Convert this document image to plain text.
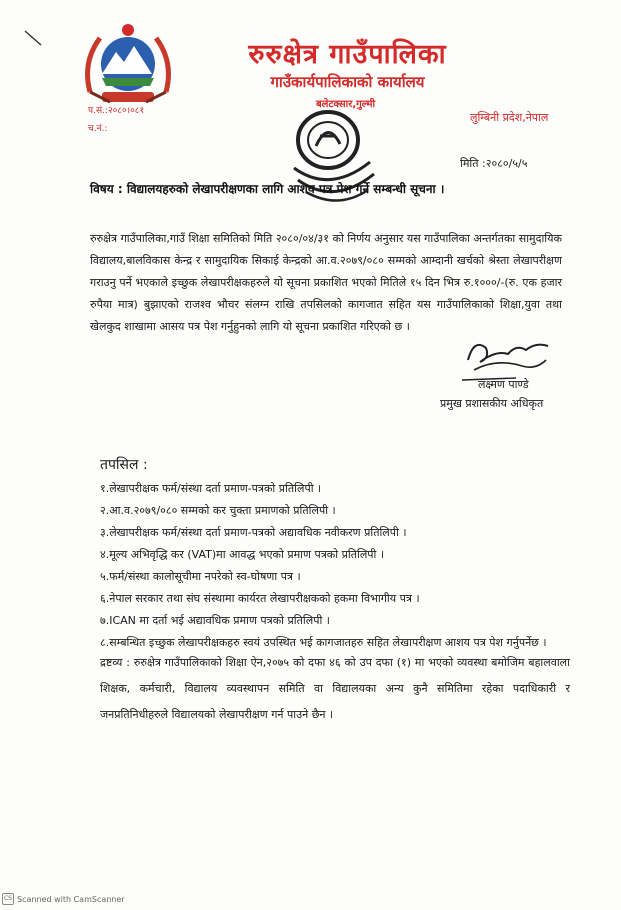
रुरुक्षेत्र गाउँपालिका
गाउँकार्यपालिकाको कार्यालय
बलेटक्सार,गुल्मी
प.सं.:२०८०।०८१
च.नं.:
लुम्बिनी प्रदेश,नेपाल
मिति :२०८०/५/५
विषय : विद्यालयहरुको लेखापरीक्षणका लागि आशय पत्र पेश गर्ने सम्बन्धी सूचना ।
रुरुक्षेत्र गाउँपालिका,गाउँ शिक्षा समितिको मिति २०८०/०४/३१ को निर्णय अनुसार यस गाउँपालिका अन्तर्गतका सामुदायिक विद्यालय,बालविकास केन्द्र र सामुदायिक सिकाई केन्द्रको आ.व.२०७९/०८० सम्मको आम्दानी खर्चको श्रेस्ता लेखापरीक्षण गराउनु पर्ने भएकाले इच्छुक लेखापरीक्षकहरुले यो सूचना प्रकाशित भएको मितिले १५ दिन भित्र रु.१०००/-(रु. एक हजार रुपैया मात्र) बुझाएको राजश्व भौचर संलग्न राखि तपसिलको कागजात सहित यस गाउँपालिकाको शिक्षा,युवा तथा खेलकुद शाखामा आसय पत्र पेश गर्नुहुनको लागि यो सूचना प्रकाशित गरिएको छ ।
लक्ष्मण पाण्डे
प्रमुख प्रशासकीय अधिकृत
तपसिल :
१.लेखापरीक्षक फर्म/संस्था दर्ता प्रमाण-पत्रको प्रतिलिपी ।
२.आ.व.२०७९/०८० सम्मको कर चुक्ता प्रमाणको प्रतिलिपी ।
३.लेखापरीक्षक फर्म/संस्था दर्ता प्रमाण-पत्रको अद्यावधिक नवीकरण प्रतिलिपी ।
४.मूल्य अभिवृद्धि कर (VAT)मा आवद्ध भएको प्रमाण पत्रको प्रतिलिपी ।
५.फर्म/संस्था कालोसूचीमा नपरेको स्व-घोषणा पत्र ।
६.नेपाल सरकार तथा संघ संस्थामा कार्यरत लेखापरीक्षकको हकमा विभागीय पत्र ।
७.ICAN मा दर्ता भई अद्यावधिक प्रमाण पत्रको प्रतिलिपी ।
८.सम्बन्धित इच्छुक लेखापरीक्षकहरु स्वयं उपस्थित भई कागजातहरु सहित लेखापरीक्षण आशय पत्र पेश गर्नुपर्नेछ ।
द्रष्टव्य : रुरुक्षेत्र गाउँपालिकाको शिक्षा ऐन,२०७५ को दफा ४६ को उप दफा (१) मा भएको व्यवस्था बमोजिम बहालवाला शिक्षक, कर्मचारी, विद्यालय व्यवस्थापन समिति वा विद्यालयका अन्य कुनै समितिमा रहेका पदाधिकारी र जनप्रतिनिधीहरुले विद्यालयको लेखापरीक्षण गर्न पाउने छैन ।
CS Scanned with CamScanner
